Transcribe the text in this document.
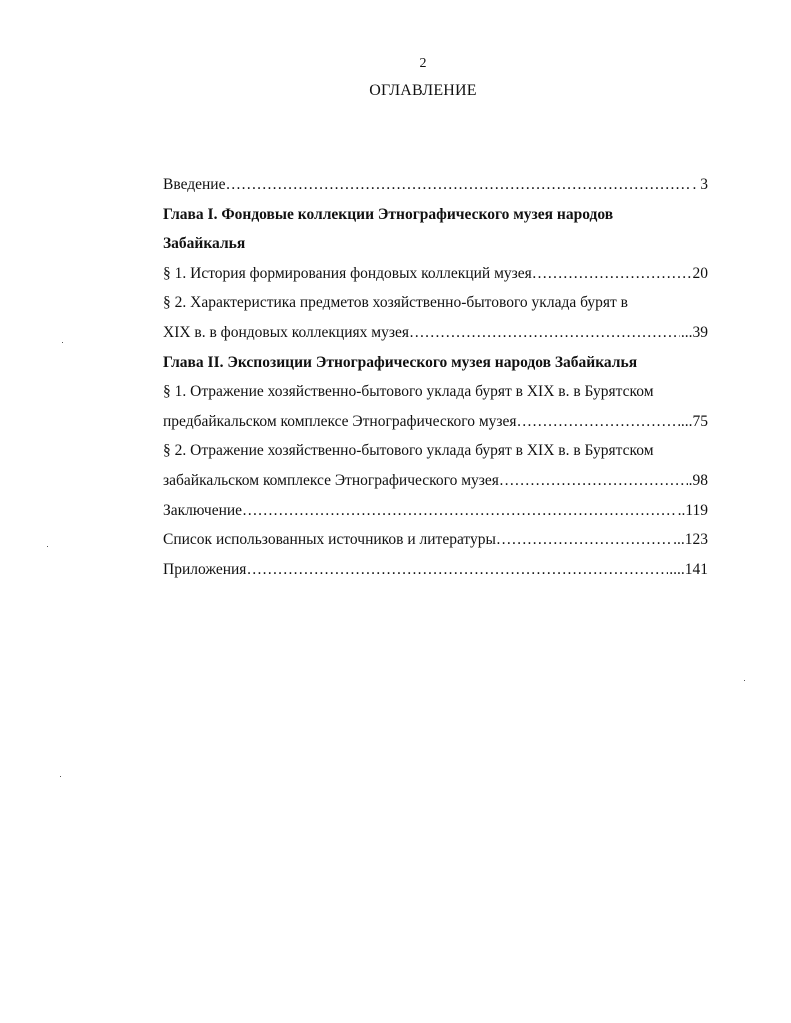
2
ОГЛАВЛЕНИЕ
Введение ………………………………………………………………………………………………………………………………………………	. 3
Глава I. Фондовые коллекции Этнографического музея народов
Забайкалья
§ 1. История формирования фондовых коллекций музея ………………………………………………………………………………………………………………………………………………	20
§ 2. Характеристика предметов хозяйственно-бытового уклада бурят в
XIX в. в фондовых коллекциях музея ………………………………………………………………………………………………………………………………………………	...39
Глава II. Экспозиции Этнографического музея народов Забайкалья
§ 1. Отражение хозяйственно-бытового уклада бурят в XIX в. в Бурятском
предбайкальском комплексе Этнографического музея ………………………………………………………………………………………………………………………………………………	...75
§ 2. Отражение хозяйственно-бытового уклада бурят в XIX в. в Бурятском
забайкальском комплексе Этнографического музея ………………………………………………………………………………………………………………………………………………	.98
Заключение ………………………………………………………………………………………………………………………………………………	..119
Список использованных источников и литературы ………………………………………………………………………………………………………………………………………………	...123
Приложения ………………………………………………………………………………………………………………………………………………	....141
